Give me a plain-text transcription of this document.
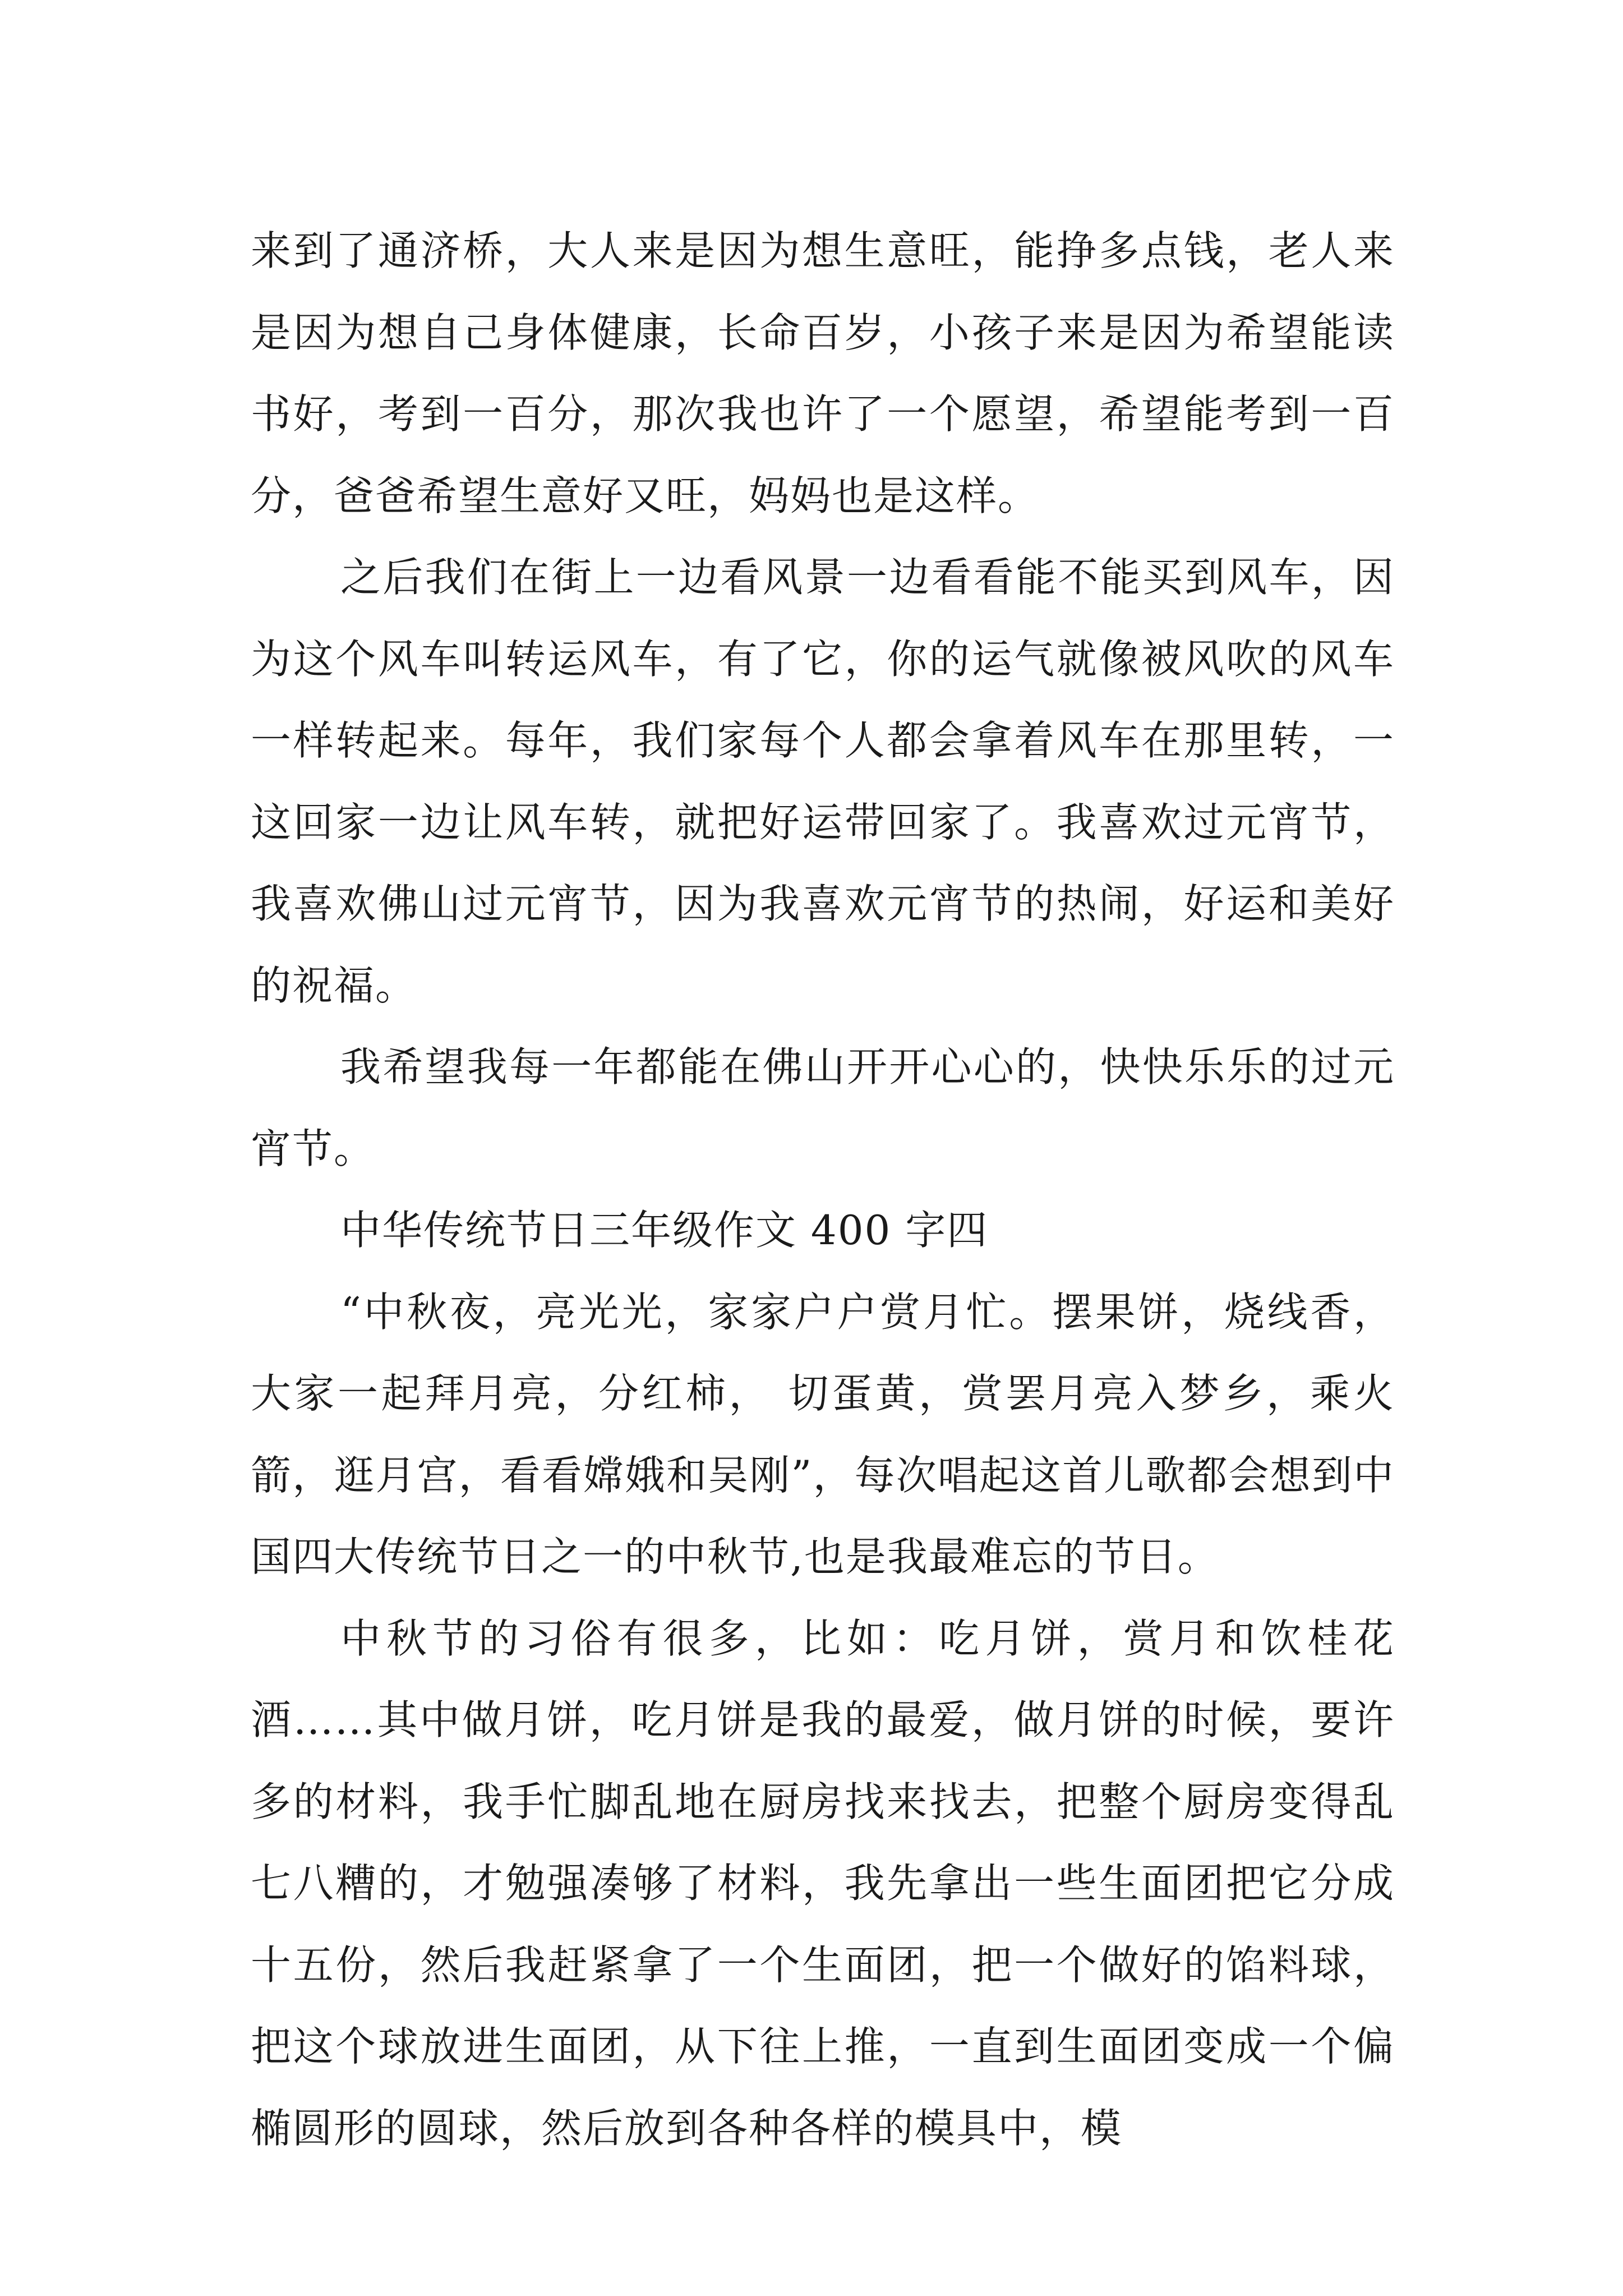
来到了通济桥，大人来是因为想生意旺，能挣多点钱，老人来是因为想自己身体健康，长命百岁，小孩子来是因为希望能读书好，考到一百分，那次我也许了一个愿望，希望能考到一百分，爸爸希望生意好又旺，妈妈也是这样。

之后我们在街上一边看风景一边看看能不能买到风车，因为这个风车叫转运风车，有了它，你的运气就像被风吹的风车一样转起来。每年，我们家每个人都会拿着风车在那里转，一这回家一边让风车转，就把好运带回家了。我喜欢过元宵节，我喜欢佛山过元宵节，因为我喜欢元宵节的热闹，好运和美好的祝福。

我希望我每一年都能在佛山开开心心的，快快乐乐的过元宵节。

中华传统节日三年级作文 400 字四

“中秋夜，亮光光，家家户户赏月忙。摆果饼，烧线香，大家一起拜月亮，分红柿， 切蛋黄，赏罢月亮入梦乡，乘火箭，逛月宫，看看嫦娥和吴刚”，每次唱起这首儿歌都会想到中国四大传统节日之一的中秋节,也是我最难忘的节日。

中秋节的习俗有很多，比如：吃月饼，赏月和饮桂花酒……其中做月饼，吃月饼是我的最爱，做月饼的时候，要许多的材料，我手忙脚乱地在厨房找来找去，把整个厨房变得乱七八糟的，才勉强凑够了材料，我先拿出一些生面团把它分成十五份，然后我赶紧拿了一个生面团，把一个做好的馅料球，把这个球放进生面团，从下往上推，一直到生面团变成一个偏椭圆形的圆球，然后放到各种各样的模具中，模
